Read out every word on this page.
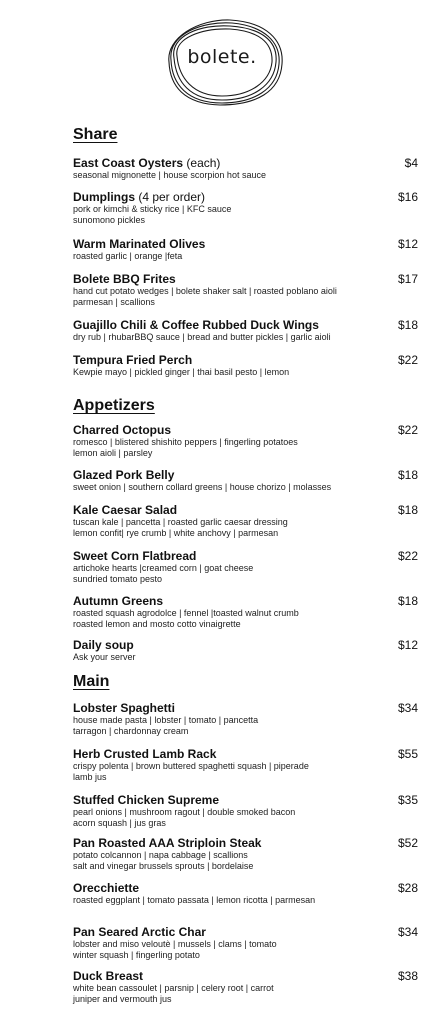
bolete.
Share
East Coast Oysters (each)	$4
seasonal mignonette | house scorpion hot sauce
Dumplings (4 per order)	$16
pork or kimchi & sticky rice | KFC sauce
sunomono pickles
Warm Marinated Olives	$12
roasted garlic | orange |feta
Bolete BBQ Frites	$17
hand cut potato wedges | bolete shaker salt | roasted poblano aioli
parmesan | scallions
Guajillo Chili & Coffee Rubbed Duck Wings	$18
dry rub | rhubarBBQ sauce | bread and butter pickles | garlic aioli
Tempura Fried Perch	$22
Kewpie mayo | pickled ginger | thai basil pesto | lemon
Appetizers
Charred Octopus	$22
romesco | blistered shishito peppers | fingerling potatoes
lemon aioli | parsley
Glazed Pork Belly	$18
sweet onion | southern collard greens | house chorizo | molasses
Kale Caesar Salad	$18
tuscan kale | pancetta | roasted garlic caesar dressing
lemon confit| rye crumb | white anchovy | parmesan
Sweet Corn Flatbread	$22
artichoke hearts |creamed corn | goat cheese
sundried tomato pesto
Autumn Greens	$18
roasted squash agrodolce | fennel |toasted walnut crumb
roasted lemon and mosto cotto vinaigrette
Daily soup	$12
Ask your server
Main
Lobster Spaghetti	$34
house made pasta | lobster | tomato | pancetta
tarragon | chardonnay cream
Herb Crusted Lamb Rack	$55
crispy polenta | brown buttered spaghetti squash | piperade
lamb jus
Stuffed Chicken Supreme	$35
pearl onions | mushroom ragout | double smoked bacon
acorn squash | jus gras
Pan Roasted AAA Striploin Steak	$52
potato colcannon | napa cabbage | scallions
salt and vinegar brussels sprouts | bordelaise
Orecchiette	$28
roasted eggplant | tomato passata | lemon ricotta | parmesan
Pan Seared Arctic Char	$34
lobster and miso veloutè | mussels | clams | tomato
winter squash | fingerling potato
Duck Breast	$38
white bean cassoulet | parsnip | celery root | carrot
juniper and vermouth jus
